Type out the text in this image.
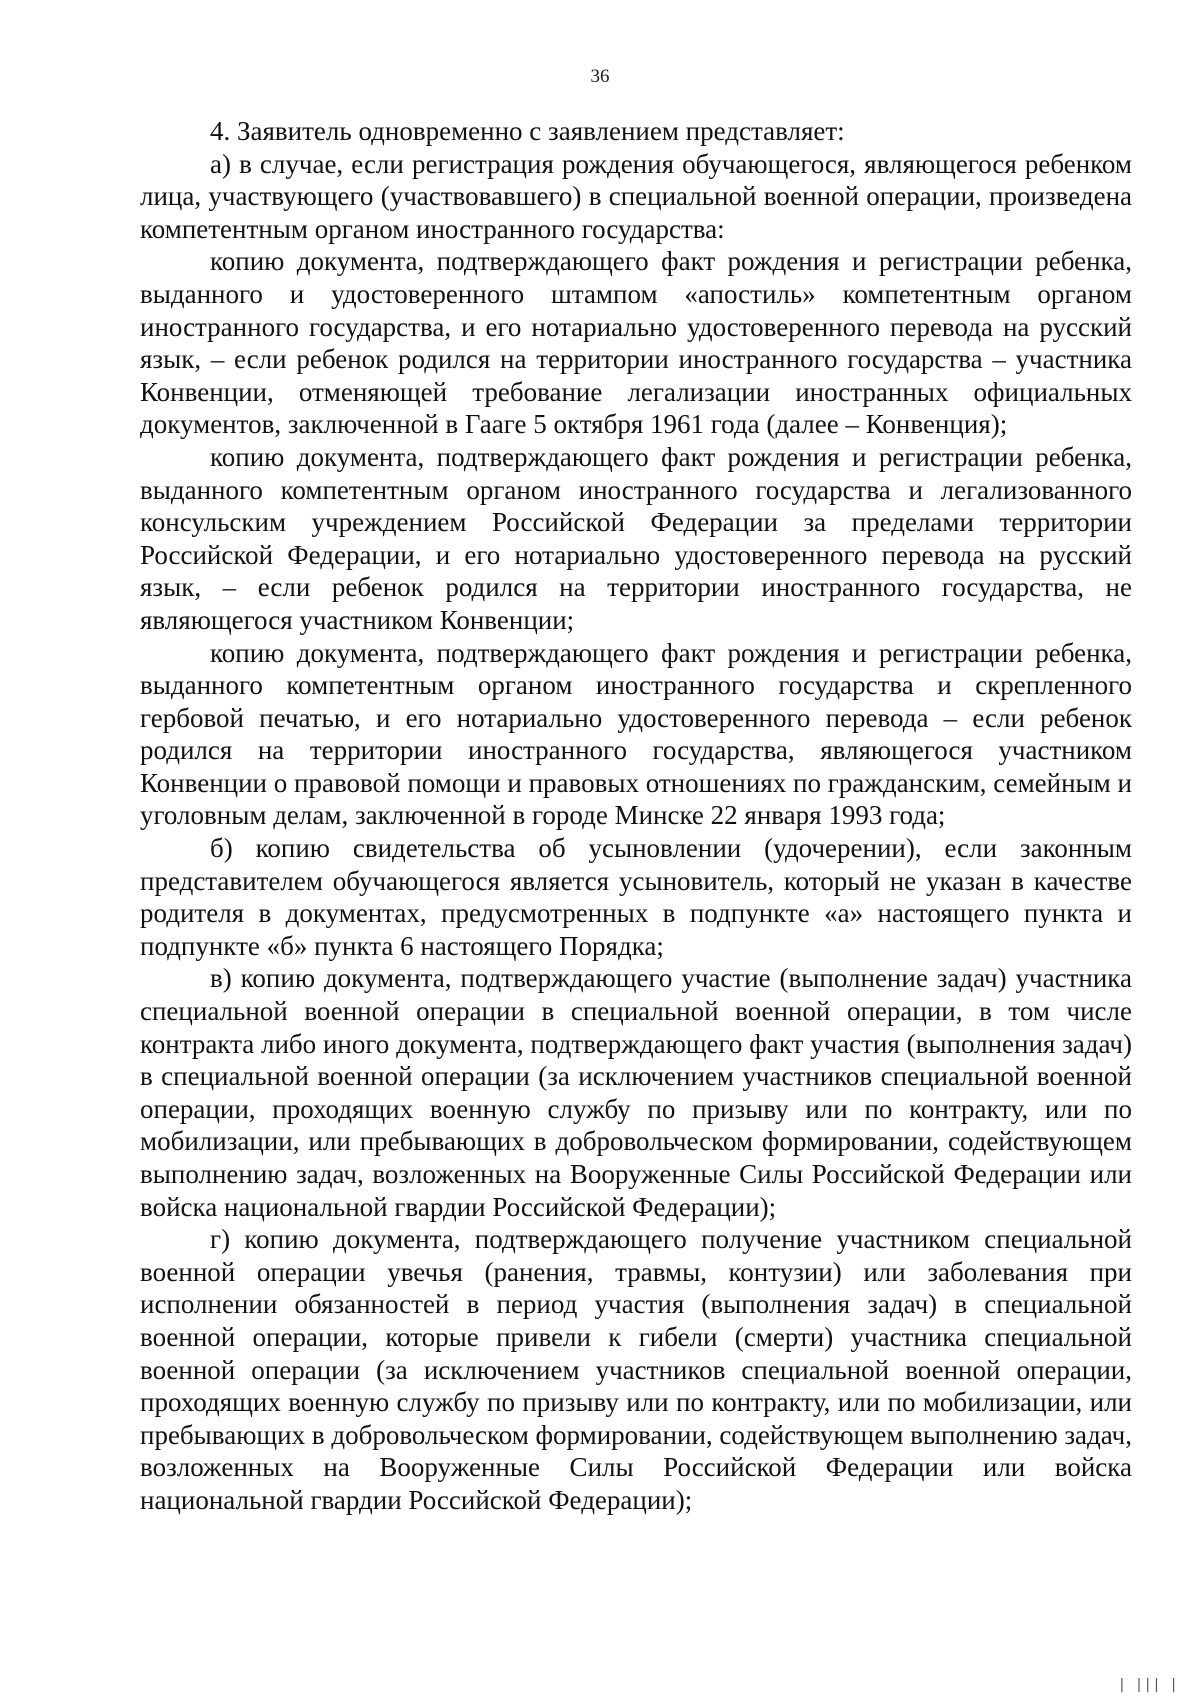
36

4. Заявитель одновременно с заявлением представляет:

а) в случае, если регистрация рождения обучающегося, являющегося ребенком лица, участвующего (участвовавшего) в специальной военной операции, произведена компетентным органом иностранного государства:

копию документа, подтверждающего факт рождения и регистрации ребенка, выданного и удостоверенного штампом «апостиль» компетентным органом иностранного государства, и его нотариально удостоверенного перевода на русский язык, – если ребенок родился на территории иностранного государства – участника Конвенции, отменяющей требование легализации иностранных официальных документов, заключенной в Гааге 5 октября 1961 года (далее – Конвенция);

копию документа, подтверждающего факт рождения и регистрации ребенка, выданного компетентным органом иностранного государства и легализованного консульским учреждением Российской Федерации за пределами территории Российской Федерации, и его нотариально удостоверенного перевода на русский язык, – если ребенок родился на территории иностранного государства, не являющегося участником Конвенции;

копию документа, подтверждающего факт рождения и регистрации ребенка, выданного компетентным органом иностранного государства и скрепленного гербовой печатью, и его нотариально удостоверенного перевода – если ребенок родился на территории иностранного государства, являющегося участником Конвенции о правовой помощи и правовых отношениях по гражданским, семейным и уголовным делам, заключенной в городе Минске 22 января 1993 года;

б) копию свидетельства об усыновлении (удочерении), если законным представителем обучающегося является усыновитель, который не указан в качестве родителя в документах, предусмотренных в подпункте «а» настоящего пункта и подпункте «б» пункта 6 настоящего Порядка;

в) копию документа, подтверждающего участие (выполнение задач) участника специальной военной операции в специальной военной операции, в том числе контракта либо иного документа, подтверждающего факт участия (выполнения задач) в специальной военной операции (за исключением участников специальной военной операции, проходящих военную службу по призыву или по контракту, или по мобилизации, или пребывающих в добровольческом формировании, содействующем выполнению задач, возложенных на Вооруженные Силы Российской Федерации или войска национальной гвардии Российской Федерации);

г) копию документа, подтверждающего получение участником специальной военной операции увечья (ранения, травмы, контузии) или заболевания при исполнении обязанностей в период участия (выполнения задач) в специальной военной операции, которые привели к гибели (смерти) участника специальной военной операции (за исключением участников специальной военной операции, проходящих военную службу по призыву или по контракту, или по мобилизации, или пребывающих в добровольческом формировании, содействующем выполнению задач, возложенных на Вооруженные Силы Российской Федерации или войска национальной гвардии Российской Федерации);

| ||| |
